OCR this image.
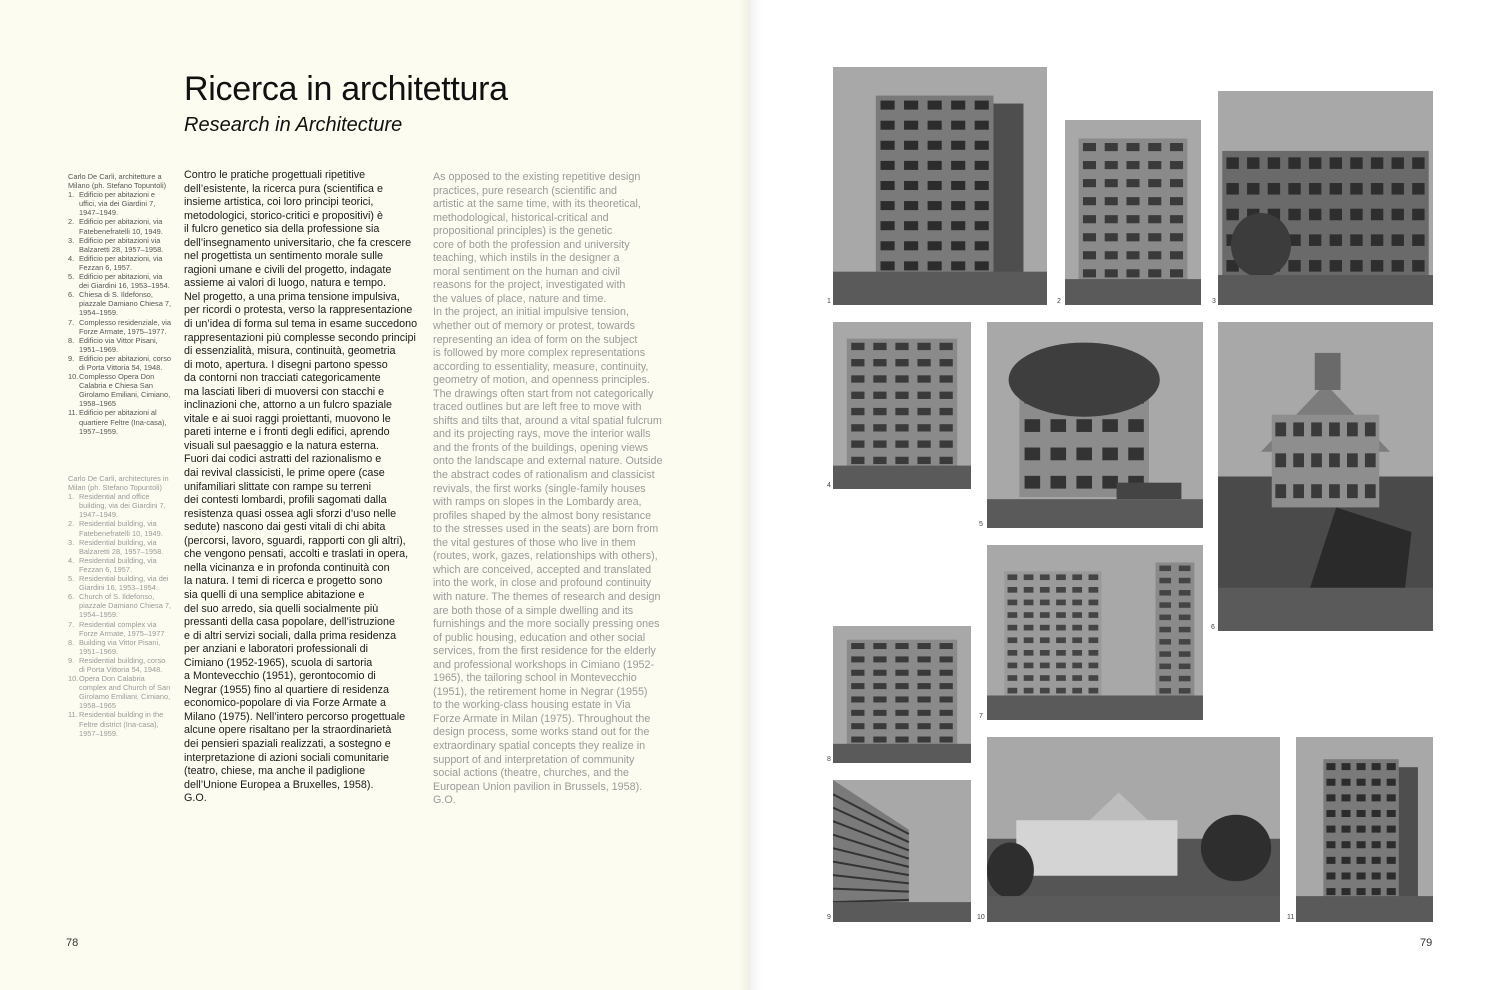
Ricerca in architettura
Research in Architecture

Carlo De Carli, architetture a Milano (ph. Stefano Topuntoli)

1. Edificio per abitazioni e uffici, via dei Giardini 7, 1947–1949.
2. Edificio per abitazioni, via Fatebenefratelli 10, 1949.
3. Edificio per abitazioni via Balzaretti 28, 1957–1958.
4. Edificio per abitazioni, via Fezzan 6, 1957.
5. Edificio per abitazioni, via dei Giardini 16, 1953–1954.
6. Chiesa di S. Ildefonso, piazzale Damiano Chiesa 7, 1954–1959.
7. Complesso residenziale, via Forze Armate, 1975–1977.
8. Edificio via Vittor Pisani, 1951–1969.
9. Edificio per abitazioni, corso di Porta Vittoria 54, 1948.
10. Complesso Opera Don Calabria e Chiesa San Girolamo Emiliani, Cimiano, 1958–1965
11. Edificio per abitazioni al quartiere Feltre (Ina-casa), 1957–1959.

Carlo De Carli, architectures in Milan (ph. Stefano Topuntoli)

1. Residential and office building, via dei Giardini 7, 1947–1949.
2. Residential building, via Fatebenefratelli 10, 1949.
3. Residential building, via Balzaretti 28, 1957–1958.
4. Residential building, via Fezzan 6, 1957.
5. Residential building, via dei Giardini 16, 1953–1954.
6. Church of S. Ildefonso, piazzale Damiano Chiesa 7, 1954–1959.
7. Residential complex via Forze Armate, 1975–1977
8. Building via Vittor Pisani, 1951–1969.
9. Residential building, corso di Porta Vittoria 54, 1948.
10. Opera Don Calabria complex and Church of San Girolamo Emiliani, Cimiano, 1958–1965
11. Residential building in the Feltre district (Ina-casa), 1957–1959.

Contro le pratiche progettuali ripetitive
dell’esistente, la ricerca pura (scientifica e
insieme artistica, coi loro principi teorici,
metodologici, storico-critici e propositivi) è
il fulcro genetico sia della professione sia
dell’insegnamento universitario, che fa crescere
nel progettista un sentimento morale sulle
ragioni umane e civili del progetto, indagate
assieme ai valori di luogo, natura e tempo.
Nel progetto, a una prima tensione impulsiva,
per ricordi o protesta, verso la rappresentazione
di un’idea di forma sul tema in esame succedono
rappresentazioni più complesse secondo principi
di essenzialità, misura, continuità, geometria
di moto, apertura. I disegni partono spesso
da contorni non tracciati categoricamente
ma lasciati liberi di muoversi con stacchi e
inclinazioni che, attorno a un fulcro spaziale
vitale e ai suoi raggi proiettanti, muovono le
pareti interne e i fronti degli edifici, aprendo
visuali sul paesaggio e la natura esterna.
Fuori dai codici astratti del razionalismo e
dai revival classicisti, le prime opere (case
unifamiliari slittate con rampe su terreni
dei contesti lombardi, profili sagomati dalla
resistenza quasi ossea agli sforzi d’uso nelle
sedute) nascono dai gesti vitali di chi abita
(percorsi, lavoro, sguardi, rapporti con gli altri),
che vengono pensati, accolti e traslati in opera,
nella vicinanza e in profonda continuità con
la natura. I temi di ricerca e progetto sono
sia quelli di una semplice abitazione e
del suo arredo, sia quelli socialmente più
pressanti della casa popolare, dell’istruzione
e di altri servizi sociali, dalla prima residenza
per anziani e laboratori professionali di
Cimiano (1952-1965), scuola di sartoria
a Montevecchio (1951), gerontocomio di
Negrar (1955) fino al quartiere di residenza
economico-popolare di via Forze Armate a
Milano (1975). Nell’intero percorso progettuale
alcune opere risaltano per la straordinarietà
dei pensieri spaziali realizzati, a sostegno e
interpretazione di azioni sociali comunitarie
(teatro, chiese, ma anche il padiglione
dell’Unione Europea a Bruxelles, 1958).
G.O.

As opposed to the existing repetitive design
practices, pure research (scientific and
artistic at the same time, with its theoretical,
methodological, historical-critical and
propositional principles) is the genetic
core of both the profession and university
teaching, which instils in the designer a
moral sentiment on the human and civil
reasons for the project, investigated with
the values of place, nature and time.
In the project, an initial impulsive tension,
whether out of memory or protest, towards
representing an idea of form on the subject
is followed by more complex representations
according to essentiality, measure, continuity,
geometry of motion, and openness principles.
The drawings often start from not categorically
traced outlines but are left free to move with
shifts and tilts that, around a vital spatial fulcrum
and its projecting rays, move the interior walls
and the fronts of the buildings, opening views
onto the landscape and external nature. Outside
the abstract codes of rationalism and classicist
revivals, the first works (single-family houses
with ramps on slopes in the Lombardy area,
profiles shaped by the almost bony resistance
to the stresses used in the seats) are born from
the vital gestures of those who live in them
(routes, work, gazes, relationships with others),
which are conceived, accepted and translated
into the work, in close and profound continuity
with nature. The themes of research and design
are both those of a simple dwelling and its
furnishings and the more socially pressing ones
of public housing, education and other social
services, from the first residence for the elderly
and professional workshops in Cimiano (1952-
1965), the tailoring school in Montevecchio
(1951), the retirement home in Negrar (1955)
to the working-class housing estate in Via
Forze Armate in Milan (1975). Throughout the
design process, some works stand out for the
extraordinary spatial concepts they realize in
support of and interpretation of community
social actions (theatre, churches, and the
European Union pavilion in Brussels, 1958).
G.O.

78
1	2	3
4
5
6
7
8
9	10	11
79
